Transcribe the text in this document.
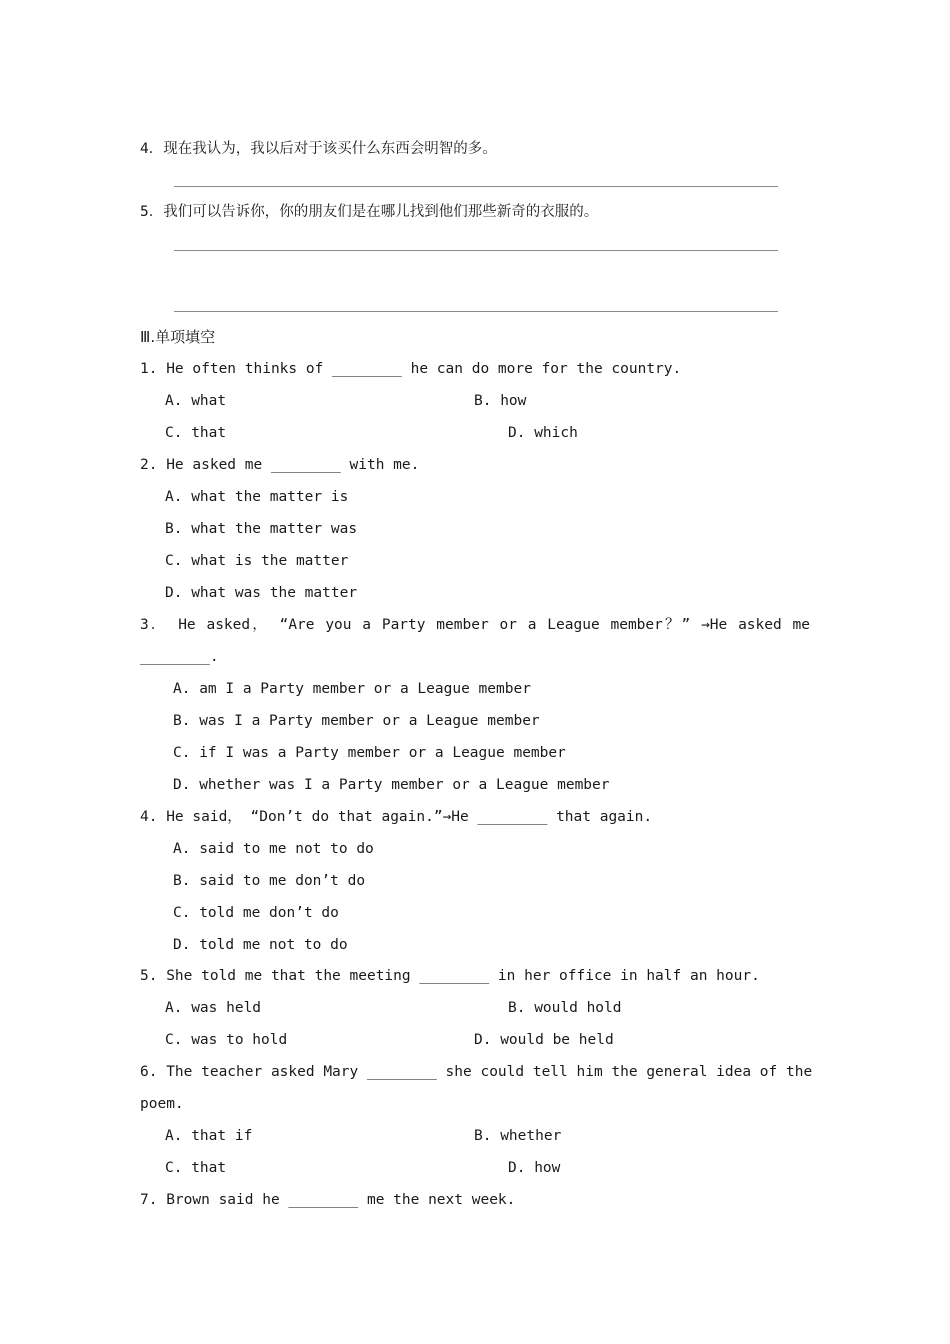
4．现在我认为，我以后对于该买什么东西会明智的多。
5．我们可以告诉你，你的朋友们是在哪儿找到他们那些新奇的衣服的。
Ⅲ.单项填空
1. He often thinks of ________ he can do more for the country.
A. what	B. how
C. that	D. which
2. He asked me ________ with me.
A. what the matter is
B. what the matter was
C. what is the matter
D. what was the matter
3． He asked， “Are you a Party member or a League member？” →He asked me
________.
A. am I a Party member or a League member
B. was I a Party member or a League member
C. if I was a Party member or a League member
D. whether was I a Party member or a League member
4. He said， “Don’t do that again.”→He ________ that again.
A. said to me not to do
B. said to me don’t do
C. told me don’t do
D. told me not to do
5. She told me that the meeting ________ in her office in half an hour.
A. was held	B. would hold
C. was to hold	D. would be held
6. The teacher asked Mary ________ she could tell him the general idea of the
poem.
A. that if	B. whether
C. that	D. how
7. Brown said he ________ me the next week.
